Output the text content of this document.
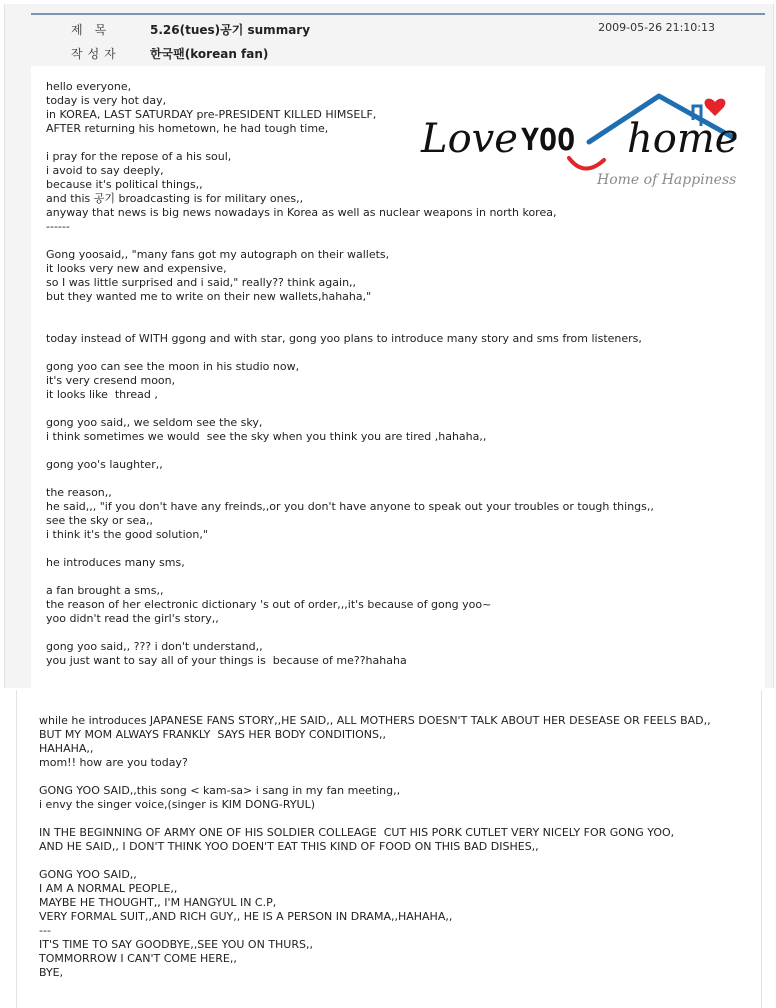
제목	5.26(tues)공기 summary	2009-05-26 21:10:13
작성자 한국팬(korean fan)
hello everyone,
today is very hot day,
in KOREA, LAST SATURDAY pre-PRESIDENT KILLED HIMSELF,
AFTER returning his hometown, he had tough time,
i pray for the repose of a his soul,
i avoid to say deeply,
because it's political things,,
and this 공기 broadcasting is for military ones,,
anyway that news is big news nowadays in Korea as well as nuclear weapons in north korea,
------
Gong yoosaid,, "many fans got my autograph on their wallets,
it looks very new and expensive,
so I was little surprised and i said," really?? think again,,
but they wanted me to write on their new wallets,hahaha,"
today instead of WITH ggong and with star, gong yoo plans to introduce many story and sms from listeners,
gong yoo can see the moon in his studio now,
it's very cresend moon,
it looks like  thread ,
gong yoo said,, we seldom see the sky,
i think sometimes we would  see the sky when you think you are tired ,hahaha,,
gong yoo's laughter,,
the reason,,
he said,,, "if you don't have any freinds,,or you don't have anyone to speak out your troubles or tough things,,
see the sky or sea,,
i think it's the good solution,"
he introduces many sms,
a fan brought a sms,,
the reason of her electronic dictionary 's out of order,,,it's because of gong yoo~
yoo didn't read the girl's story,,
gong yoo said,, ??? i don't understand,,
you just want to say all of your things is  because of me??hahaha
Love YOO home
Home of Happiness
while he introduces JAPANESE FANS STORY,,HE SAID,, ALL MOTHERS DOESN'T TALK ABOUT HER DESEASE OR FEELS BAD,,
BUT MY MOM ALWAYS FRANKLY  SAYS HER BODY CONDITIONS,,
HAHAHA,,
mom!! how are you today?
GONG YOO SAID,,this song < kam-sa> i sang in my fan meeting,,
i envy the singer voice,(singer is KIM DONG-RYUL)
IN THE BEGINNING OF ARMY ONE OF HIS SOLDIER COLLEAGE  CUT HIS PORK CUTLET VERY NICELY FOR GONG YOO,
AND HE SAID,, I DON'T THINK YOO DOEN'T EAT THIS KIND OF FOOD ON THIS BAD DISHES,,
GONG YOO SAID,,
I AM A NORMAL PEOPLE,,
MAYBE HE THOUGHT,, I'M HANGYUL IN C.P,
VERY FORMAL SUIT,,AND RICH GUY,, HE IS A PERSON IN DRAMA,,HAHAHA,,
---
IT'S TIME TO SAY GOODBYE,,SEE YOU ON THURS,,
TOMMORROW I CAN'T COME HERE,,
BYE,
